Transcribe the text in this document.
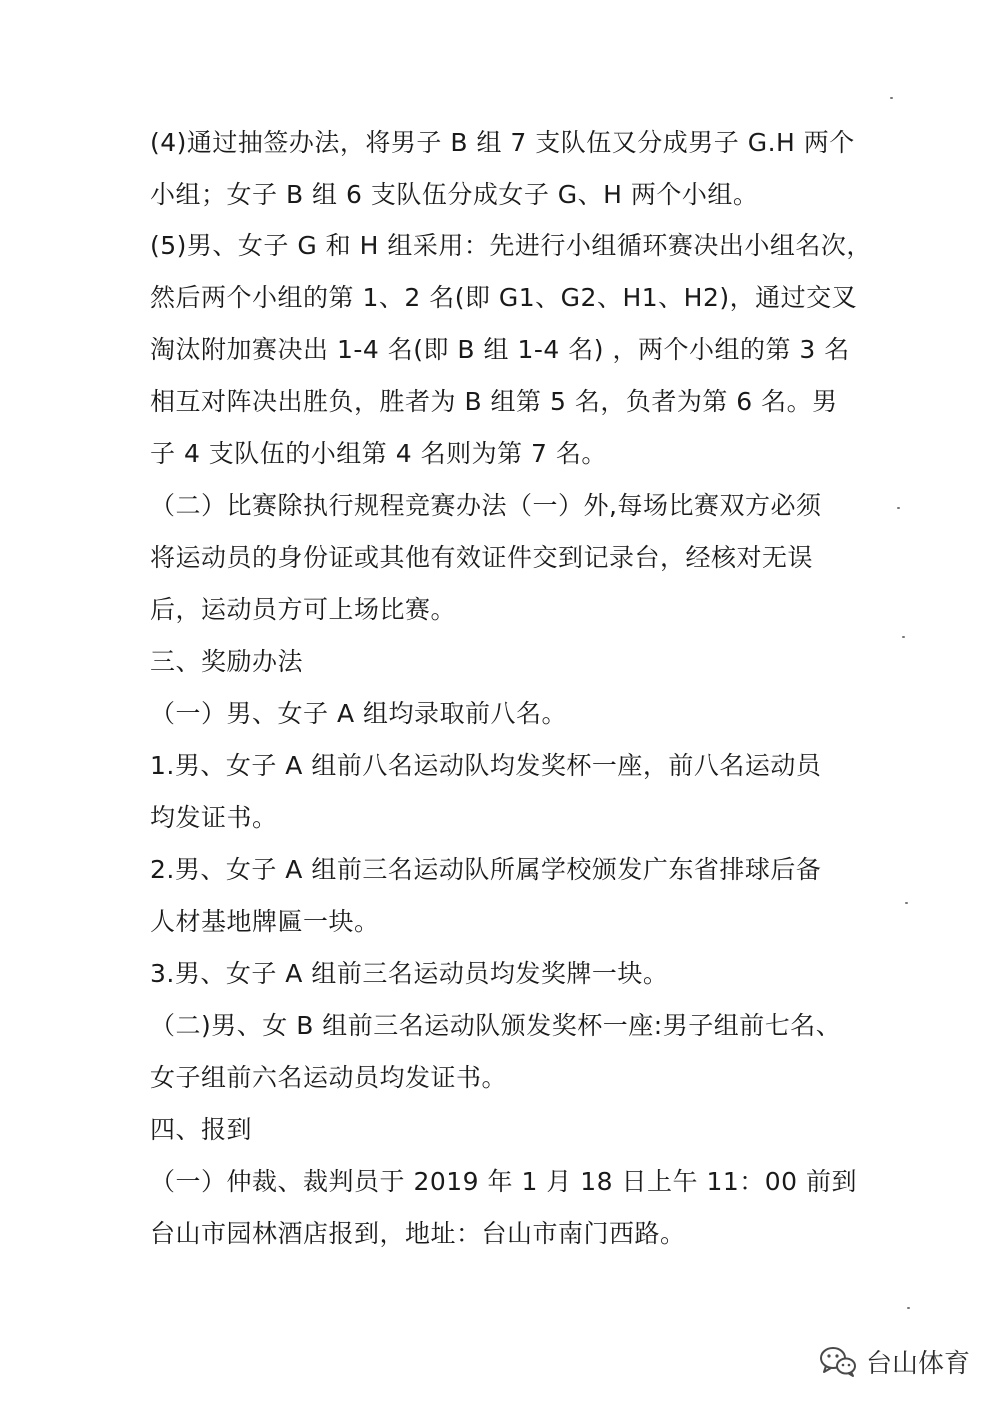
(4)通过抽签办法，将男子 B 组 7 支队伍又分成男子 G.H 两个
小组；女子 B 组 6 支队伍分成女子 G、H 两个小组。
(5)男、女子 G 和 H 组采用：先进行小组循环赛决出小组名次，
然后两个小组的第 1、2 名(即 G1、G2、H1、H2)，通过交叉
淘汰附加赛决出 1-4 名(即 B 组 1-4 名) ，两个小组的第 3 名
相互对阵决出胜负，胜者为 B 组第 5 名，负者为第 6 名。男
子 4 支队伍的小组第 4 名则为第 7 名。
（二）比赛除执行规程竞赛办法（一）外,每场比赛双方必须
将运动员的身份证或其他有效证件交到记录台，经核对无误
后，运动员方可上场比赛。
三、奖励办法
（一）男、女子 A 组均录取前八名。
1.男、女子 A 组前八名运动队均发奖杯一座，前八名运动员
均发证书。
2.男、女子 A 组前三名运动队所属学校颁发广东省排球后备
人材基地牌匾一块。
3.男、女子 A 组前三名运动员均发奖牌一块。
（二)男、女 B 组前三名运动队颁发奖杯一座:男子组前七名、
女子组前六名运动员均发证书。
四、报到
（一）仲裁、裁判员于 2019 年 1 月 18 日上午 11：00 前到
台山市园林酒店报到，地址：台山市南门西路。
台山体育
